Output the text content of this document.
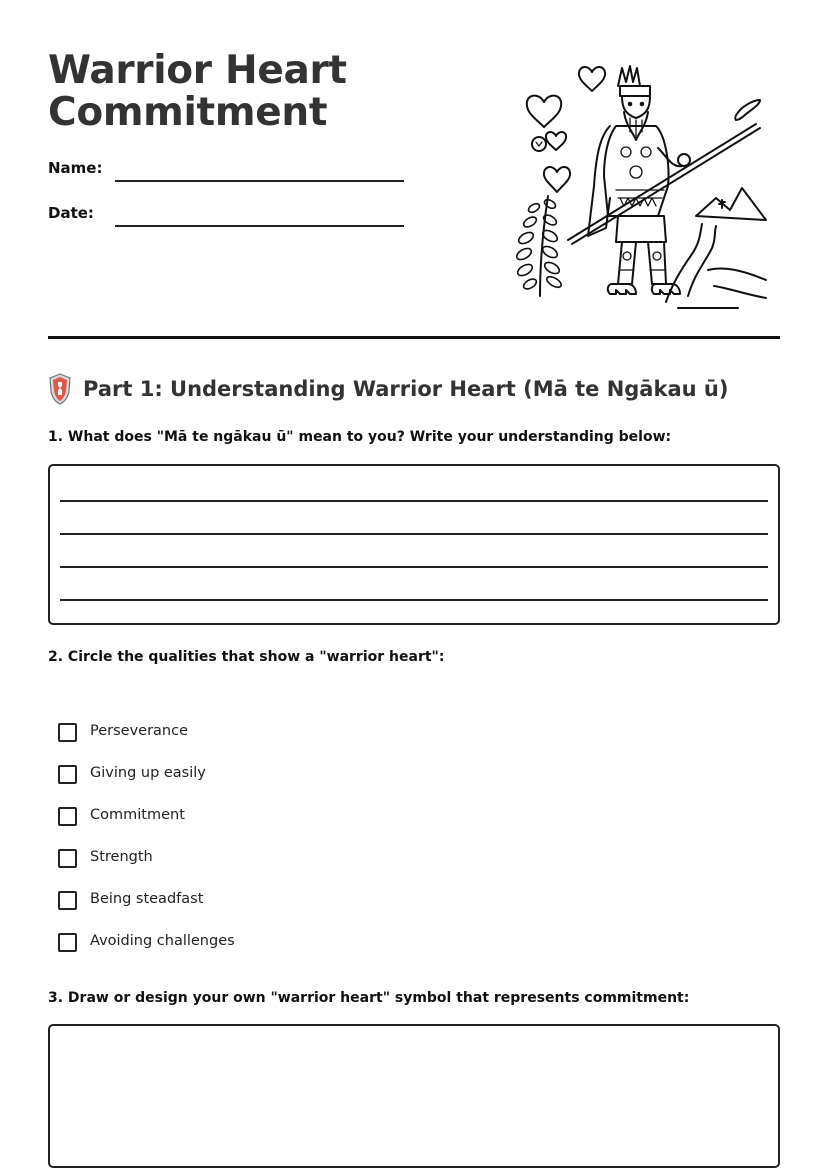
Warrior Heart Commitment
Name:
Date:
Part 1: Understanding Warrior Heart (Mā te Ngākau ū)
1. What does "Mā te ngākau ū" mean to you? Write your understanding below:
2. Circle the qualities that show a "warrior heart":
Perseverance
Giving up easily
Commitment
Strength
Being steadfast
Avoiding challenges
3. Draw or design your own "warrior heart" symbol that represents commitment:
